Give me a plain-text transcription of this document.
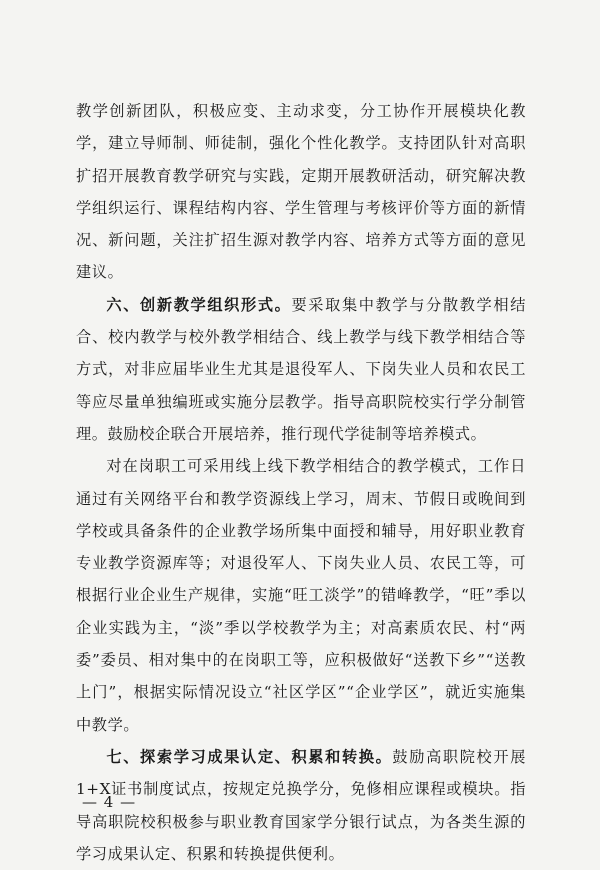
教学创新团队，积极应变、主动求变，分工协作开展模块化教学，建立导师制、师徒制，强化个性化教学。支持团队针对高职扩招开展教育教学研究与实践，定期开展教研活动，研究解决教学组织运行、课程结构内容、学生管理与考核评价等方面的新情况、新问题，关注扩招生源对教学内容、培养方式等方面的意见建议。

六、创新教学组织形式。要采取集中教学与分散教学相结合、校内教学与校外教学相结合、线上教学与线下教学相结合等方式，对非应届毕业生尤其是退役军人、下岗失业人员和农民工等应尽量单独编班或实施分层教学。指导高职院校实行学分制管理。鼓励校企联合开展培养，推行现代学徒制等培养模式。

对在岗职工可采用线上线下教学相结合的教学模式，工作日通过有关网络平台和教学资源线上学习，周末、节假日或晚间到学校或具备条件的企业教学场所集中面授和辅导，用好职业教育专业教学资源库等；对退役军人、下岗失业人员、农民工等，可根据行业企业生产规律，实施“旺工淡学”的错峰教学，“旺”季以企业实践为主，“淡”季以学校教学为主；对高素质农民、村“两委”委员、相对集中的在岗职工等，应积极做好“送教下乡”“送教上门”，根据实际情况设立“社区学区”“企业学区”，就近实施集中教学。

七、探索学习成果认定、积累和转换。鼓励高职院校开展1+X证书制度试点，按规定兑换学分，免修相应课程或模块。指导高职院校积极参与职业教育国家学分银行试点，为各类生源的学习成果认定、积累和转换提供便利。

— 4 —
